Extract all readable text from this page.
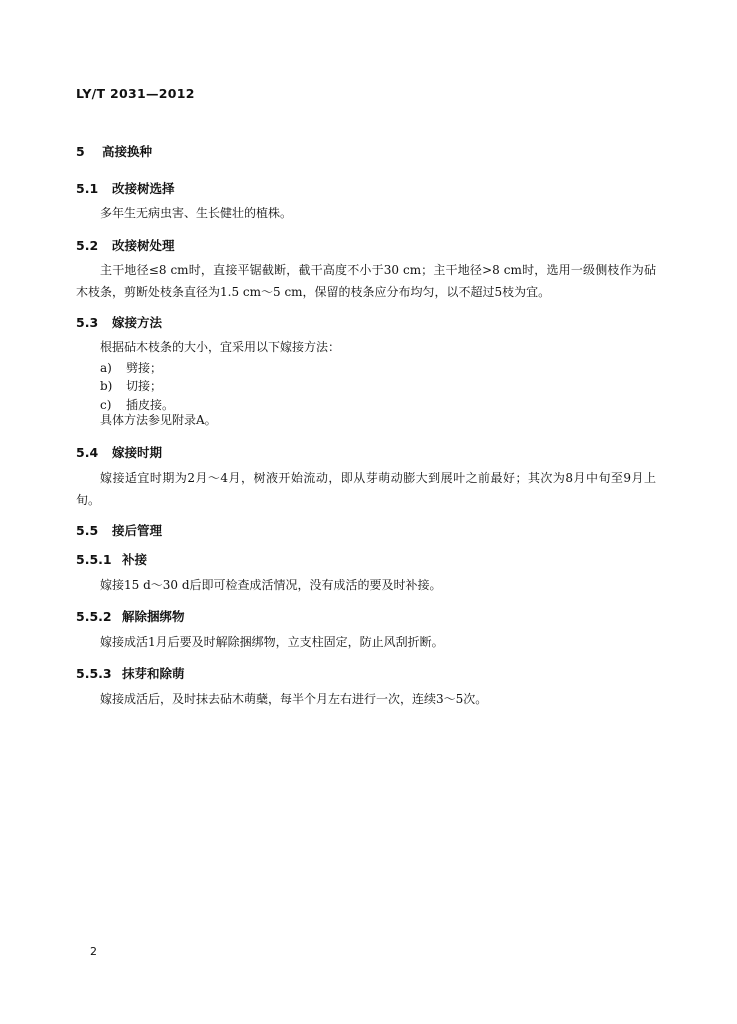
LY/T 2031—2012
5 高接换种
5.1 改接树选择
多年生无病虫害、生长健壮的植株。
5.2 改接树处理
主干地径≤8 cm时，直接平锯截断，截干高度不小于30 cm；主干地径>8 cm时，选用一级侧枝作为砧木枝条，剪断处枝条直径为1.5 cm～5 cm，保留的枝条应分布均匀，以不超过5枝为宜。
5.3 嫁接方法
根据砧木枝条的大小，宜采用以下嫁接方法：
a) 劈接；
b) 切接；
c) 插皮接。
具体方法参见附录A。
5.4 嫁接时期
嫁接适宜时期为2月～4月，树液开始流动，即从芽萌动膨大到展叶之前最好；其次为8月中旬至9月上旬。
5.5 接后管理
5.5.1 补接
嫁接15 d～30 d后即可检查成活情况，没有成活的要及时补接。
5.5.2 解除捆绑物
嫁接成活1月后要及时解除捆绑物，立支柱固定，防止风刮折断。
5.5.3 抹芽和除萌
嫁接成活后，及时抹去砧木萌蘖，每半个月左右进行一次，连续3～5次。
2
